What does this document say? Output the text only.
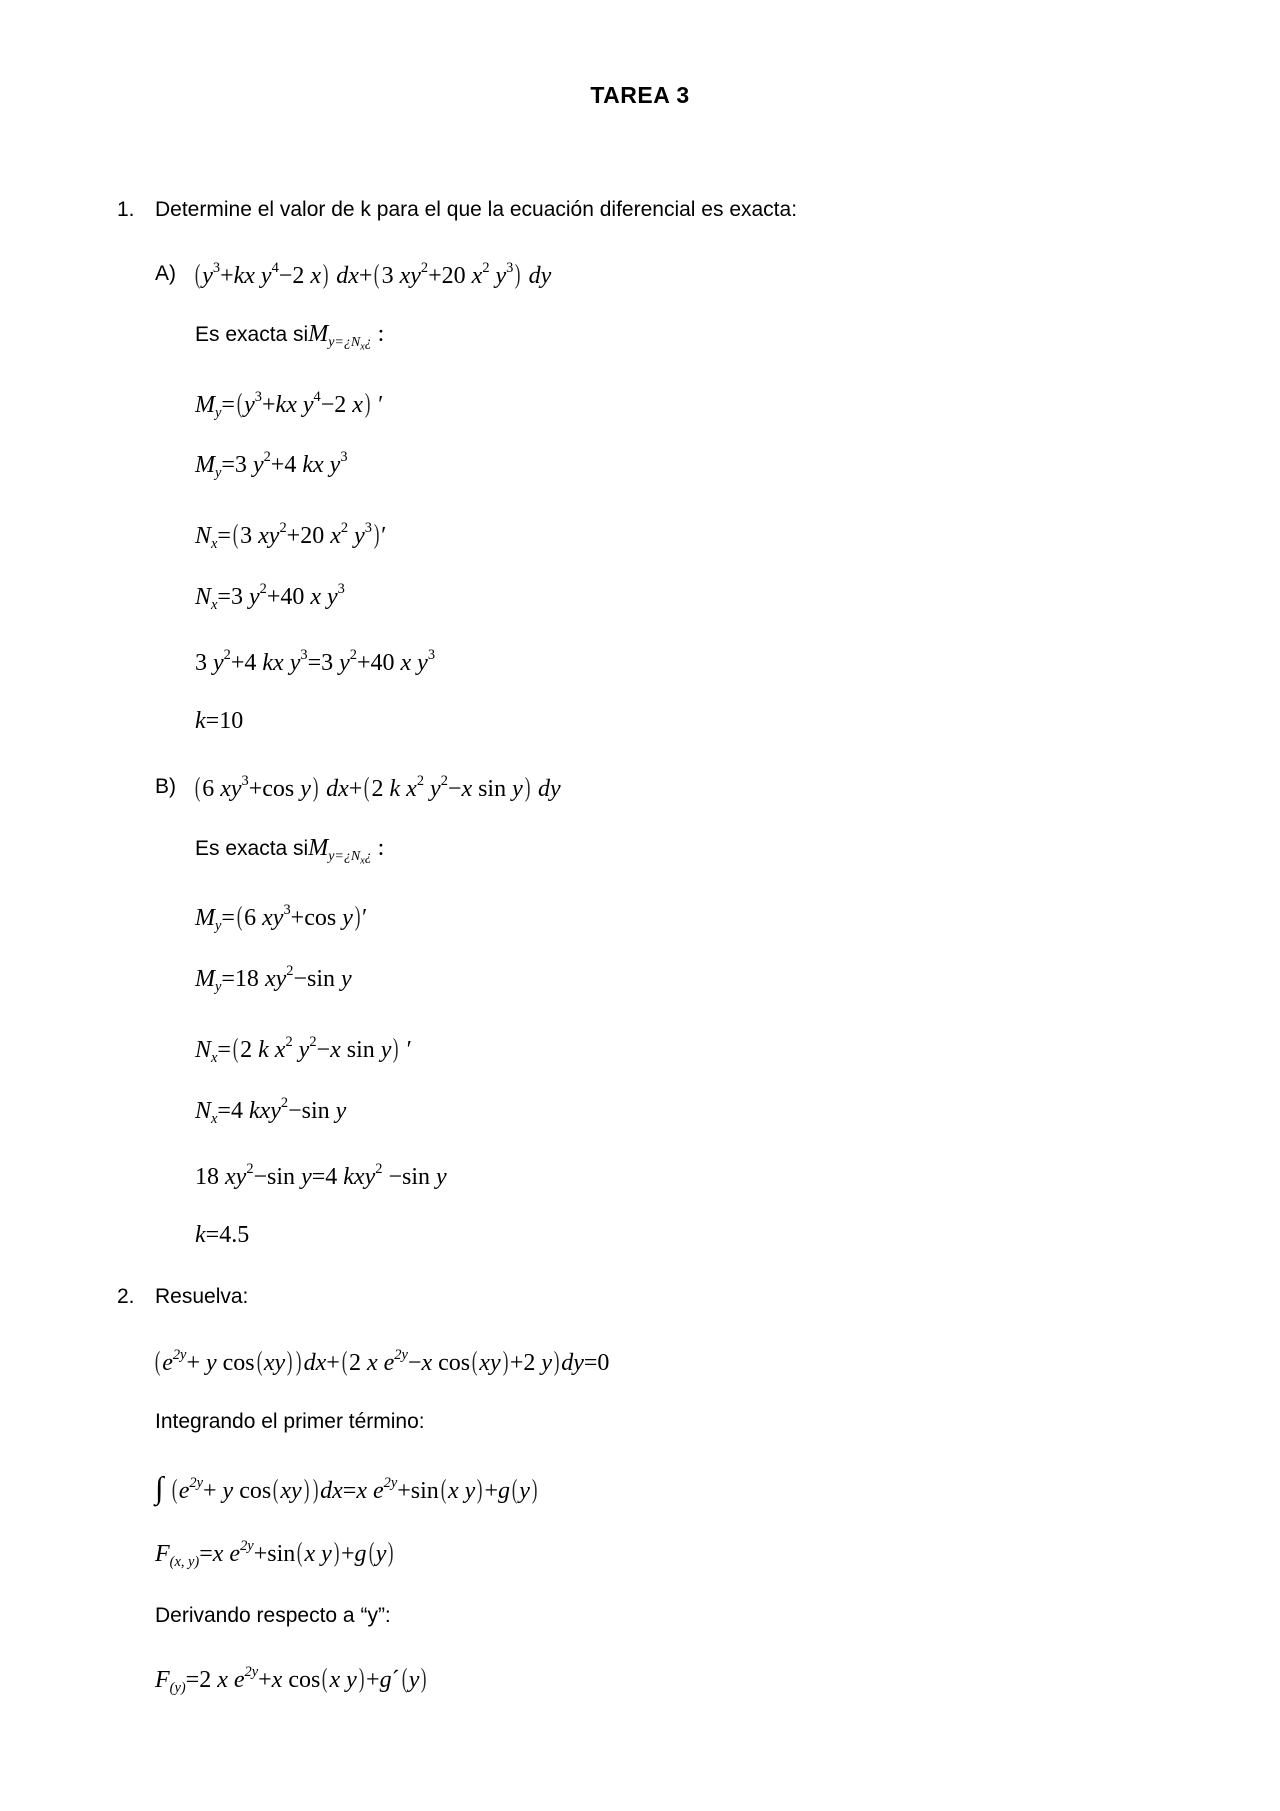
TAREA 3
1. Determine el valor de k para el que la ecuación diferencial es exacta:
A) ($y^3+kx$ $y^4-2$ x) dx+(3 $xy^2+20$ $x^2$ $y^3$) dy
Es exacta siM$_{y=¿N_x¿}$ :
$M_y=(y^3+kx$ $y^4-2$ x) ′
$M_y=3$ $y^2+4$ kx $y^3$
$N_x=(3$ $xy^2+20$ $x^2$ $y^3)'$
$N_x=3$ $y^2+40$ x $y^3$
3 $y^2+4$ kx $y^3=3$ $y^2+40$ x $y^3$
k=10
B) (6 $xy^3+\cos$ y) dx+(2 k $x^2$ $y^2-x$ sin y) dy
Es exacta siM$_{y=¿N_x¿}$ :
$M_y=(6$ $xy^3+\cos$ y)′
$M_y=18$ $xy^2-\sin$ y
$N_x=(2$ k $x^2$ $y^2-x$ sin y) ′
$N_x=4$ kxy$^2$−sin y
18 $xy^2-\sin$ y=4 kxy$^2$ −sin y
k=4.5
2. Resuelva:
($e^{2y}+ y$ cos(xy) )dx+(2 x $e^{2y}-x$ cos(xy)+2 y)dy=0
Integrando el primer término:
∫ ($e^{2y}+ y$ cos(xy) )dx=x $e^{2y}+\sin(x$ y)+g(y)
$F_{(x, y)}=x$ $e^{2y}+\sin(x$ y)+g(y)
Derivando respecto a “y”:
$F_{(y)}=2$ x $e^{2y}+x$ cos(x y)+g´(y)
